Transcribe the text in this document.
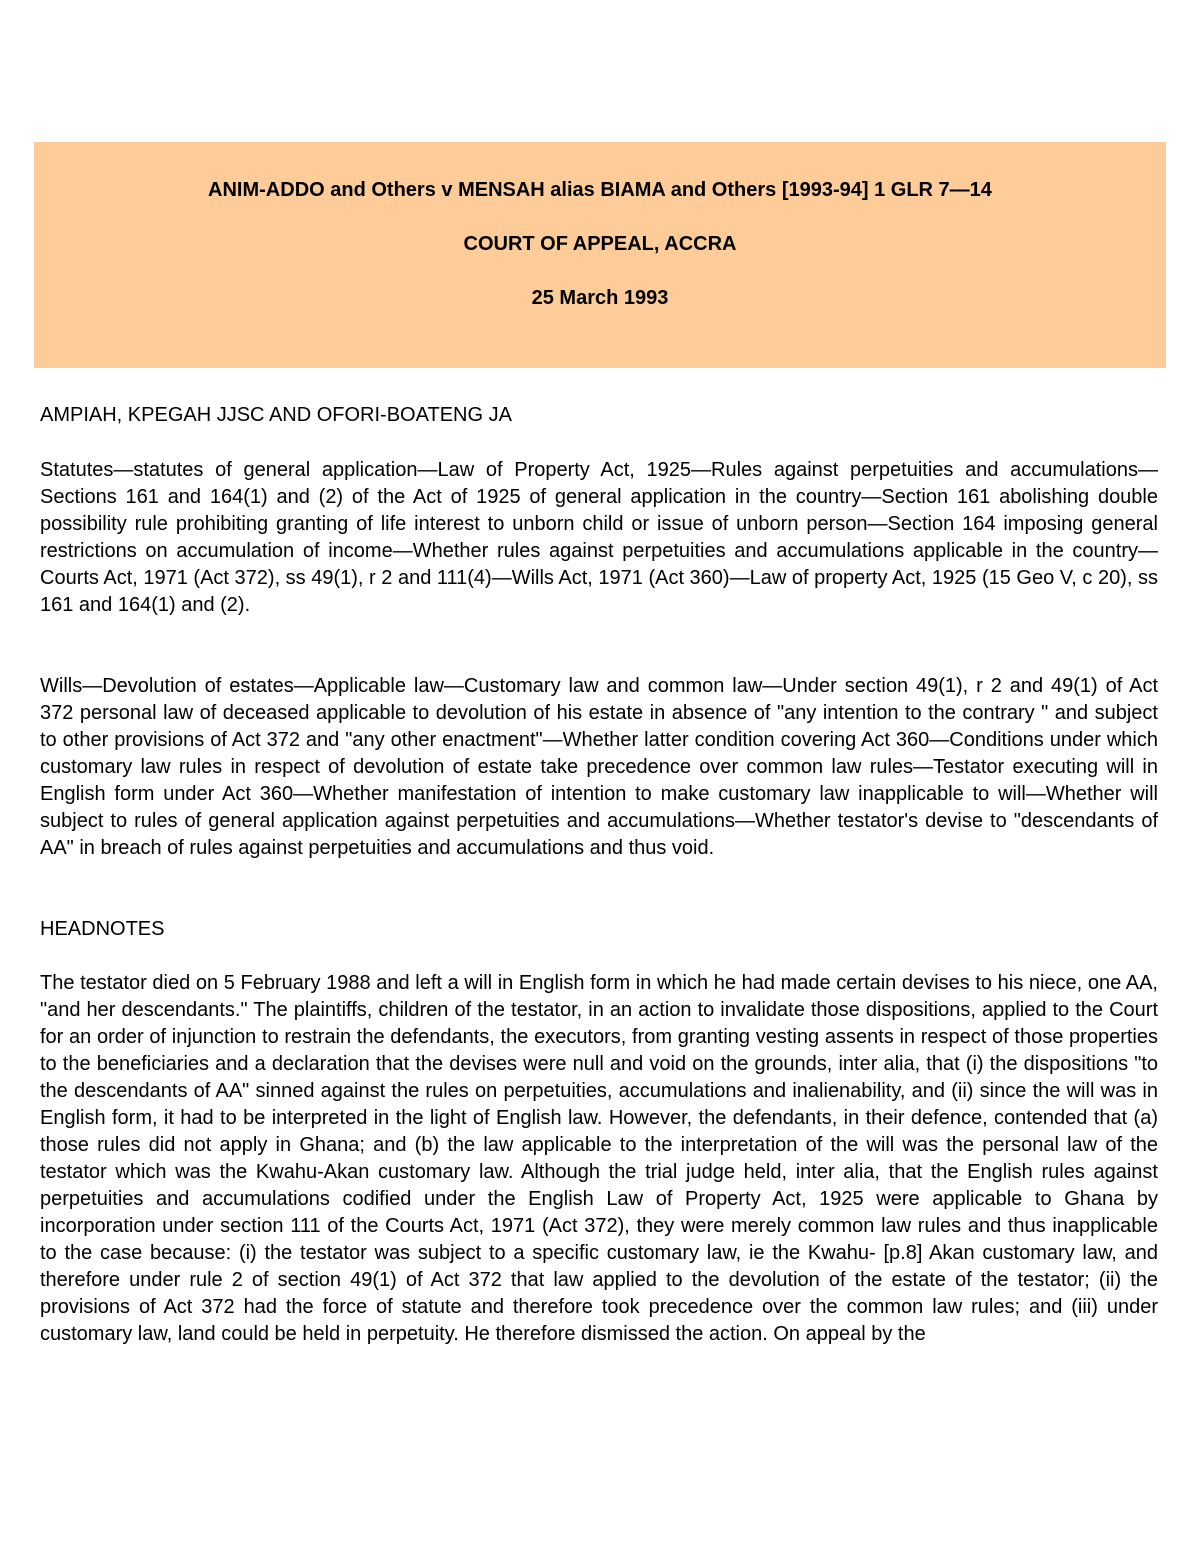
ANIM-ADDO and Others v MENSAH alias BIAMA and Others [1993-94] 1 GLR 7—14
COURT OF APPEAL, ACCRA
25 March 1993

AMPIAH, KPEGAH JJSC AND OFORI-BOATENG JA

Statutes—statutes of general application—Law of Property Act, 1925—Rules against perpetuities and accumulations—Sections 161 and 164(1) and (2) of the Act of 1925 of general application in the country—Section 161 abolishing double possibility rule prohibiting granting of life interest to unborn child or issue of unborn person—Section 164 imposing general restrictions on accumulation of income—Whether rules against perpetuities and accumulations applicable in the country—Courts Act, 1971 (Act 372), ss 49(1), r 2 and 111(4)—Wills Act, 1971 (Act 360)—Law of property Act, 1925 (15 Geo V, c 20), ss 161 and 164(1) and (2).

Wills—Devolution of estates—Applicable law—Customary law and common law—Under section 49(1), r 2 and 49(1) of Act 372 personal law of deceased applicable to devolution of his estate in absence of "any intention to the contrary " and subject to other provisions of Act 372 and "any other enactment"—Whether latter condition covering Act 360—Conditions under which customary law rules in respect of devolution of estate take precedence over common law rules—Testator executing will in English form under Act 360—Whether manifestation of intention to make customary law inapplicable to will—Whether will subject to rules of general application against perpetuities and accumulations—Whether testator's devise to "descendants of AA" in breach of rules against perpetuities and accumulations and thus void.

HEADNOTES

The testator died on 5 February 1988 and left a will in English form in which he had made certain devises to his niece, one AA, "and her descendants." The plaintiffs, children of the testator, in an action to invalidate those dispositions, applied to the Court for an order of injunction to restrain the defendants, the executors, from granting vesting assents in respect of those properties to the beneficiaries and a declaration that the devises were null and void on the grounds, inter alia, that (i) the dispositions "to the descendants of AA" sinned against the rules on perpetuities, accumulations and inalienability, and (ii) since the will was in English form, it had to be interpreted in the light of English law. However, the defendants, in their defence, contended that (a) those rules did not apply in Ghana; and (b) the law applicable to the interpretation of the will was the personal law of the testator which was the Kwahu-Akan customary law. Although the trial judge held, inter alia, that the English rules against perpetuities and accumulations codified under the English Law of Property Act, 1925 were applicable to Ghana by incorporation under section 111 of the Courts Act, 1971 (Act 372), they were merely common law rules and thus inapplicable to the case because: (i) the testator was subject to a specific customary law, ie the Kwahu- [p.8] Akan customary law, and therefore under rule 2 of section 49(1) of Act 372 that law applied to the devolution of the estate of the testator; (ii) the provisions of Act 372 had the force of statute and therefore took precedence over the common law rules; and (iii) under customary law, land could be held in perpetuity. He therefore dismissed the action. On appeal by the
